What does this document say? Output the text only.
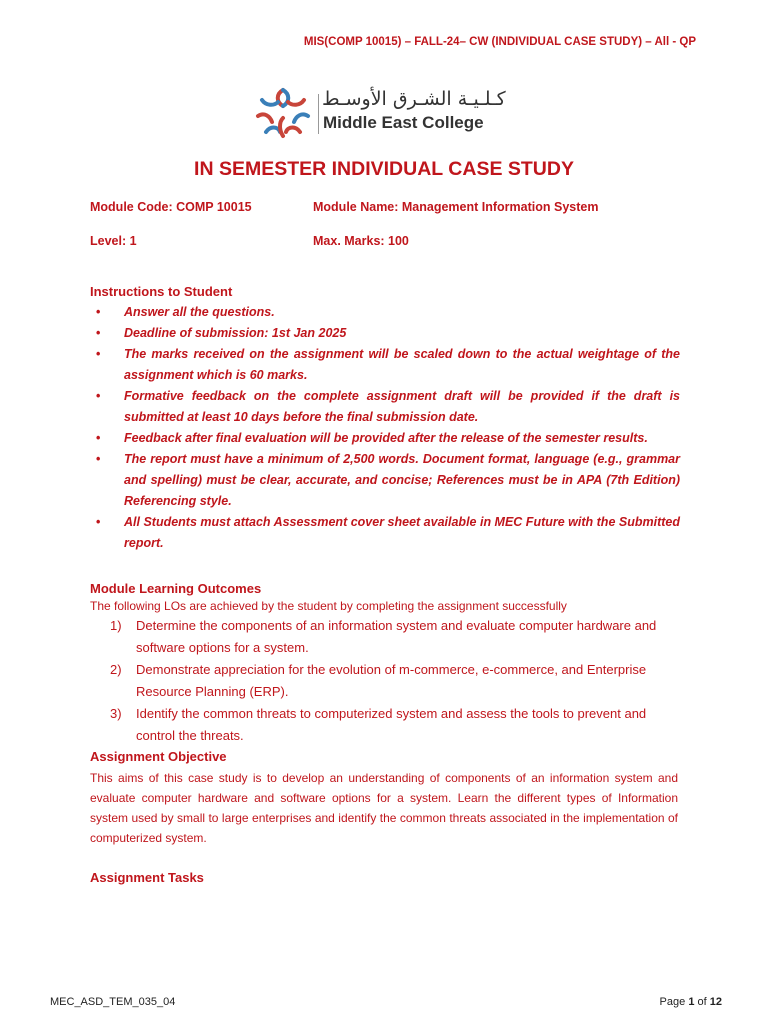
MIS(COMP 10015) – FALL-24– CW (INDIVIDUAL CASE STUDY) – All - QP
كـلـيـة الشـرق الأوسـط
Middle East College
IN SEMESTER INDIVIDUAL CASE STUDY
Module Code: COMP 10015	Module Name: Management Information System
Level: 1	Max. Marks: 100
Instructions to Student
• Answer all the questions.
• Deadline of submission: 1st Jan 2025
• The marks received on the assignment will be scaled down to the actual weightage of the assignment which is 60 marks.
• Formative feedback on the complete assignment draft will be provided if the draft is submitted at least 10 days before the final submission date.
• Feedback after final evaluation will be provided after the release of the semester results.
• The report must have a minimum of 2,500 words. Document format, language (e.g., grammar and spelling) must be clear, accurate, and concise; References must be in APA (7th Edition) Referencing style.
• All Students must attach Assessment cover sheet available in MEC Future with the Submitted report.
Module Learning Outcomes
The following LOs are achieved by the student by completing the assignment successfully
1) Determine the components of an information system and evaluate computer hardware and software options for a system.
2) Demonstrate appreciation for the evolution of m-commerce, e-commerce, and Enterprise Resource Planning (ERP).
3) Identify the common threats to computerized system and assess the tools to prevent and control the threats.
Assignment Objective
This aims of this case study is to develop an understanding of components of an information system and evaluate computer hardware and software options for a system. Learn the different types of Information system used by small to large enterprises and identify the common threats associated in the implementation of computerized system.
Assignment Tasks
MEC_ASD_TEM_035_04	Page 1 of 12
